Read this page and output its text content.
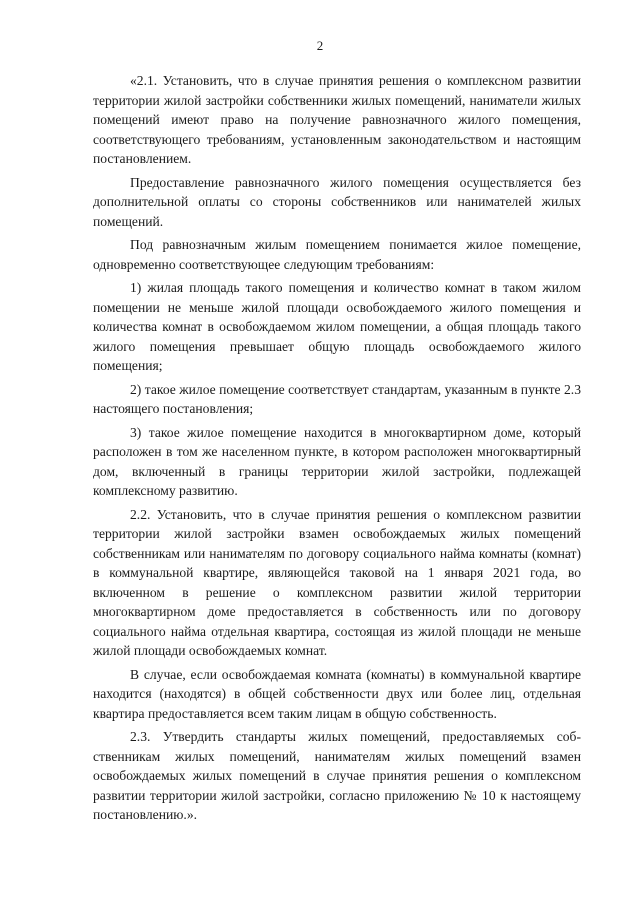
2

«2.1. Установить, что в случае принятия решения о комплексном развитии территории жилой застройки собственники жилых помещений, наниматели жилых помещений имеют право на получение равнозначного жилого помещения, соответствующего требованиям, установленным законодательством и настоящим постановлением.

Предоставление равнозначного жилого помещения осуществляется без дополнительной оплаты со стороны собственников или нанимателей жилых помещений.

Под равнозначным жилым помещением понимается жилое помещение, одновременно соответствующее следующим требованиям:

1) жилая площадь такого помещения и количество комнат в таком жилом помещении не меньше жилой площади освобождаемого жилого помещения и количества комнат в освобождаемом жилом помещении, а общая площадь такого жилого помещения превышает общую площадь освобождаемого жилого помещения;

2) такое жилое помещение соответствует стандартам, указанным в пункте 2.3 настоящего постановления;

3) такое жилое помещение находится в многоквартирном доме, который расположен в том же населенном пункте, в котором расположен многоквартирный дом, включенный в границы территории жилой застройки, подлежащей комплексному развитию.

2.2. Установить, что в случае принятия решения о комплексном развитии территории жилой застройки взамен освобождаемых жилых помещений собственникам или нанимателям по договору социального найма комнаты (комнат) в коммунальной квартире, являющейся таковой на 1 января 2021 года, во включенном в решение о комплексном развитии жилой территории многоквартирном доме предоставляется в собственность или по договору социального найма отдельная квартира, состоящая из жилой площади не меньше жилой площади освобождаемых комнат.

В случае, если освобождаемая комната (комнаты) в коммунальной квартире находится (находятся) в общей собственности двух или более лиц, отдельная квартира предоставляется всем таким лицам в общую собственность.

2.3. Утвердить стандарты жилых помещений, предоставляемых собственникам жилых помещений, нанимателям жилых помещений взамен освобождаемых жилых помещений в случае принятия решения о комплексном развитии территории жилой застройки, согласно приложению № 10 к настоящему постановлению.».
